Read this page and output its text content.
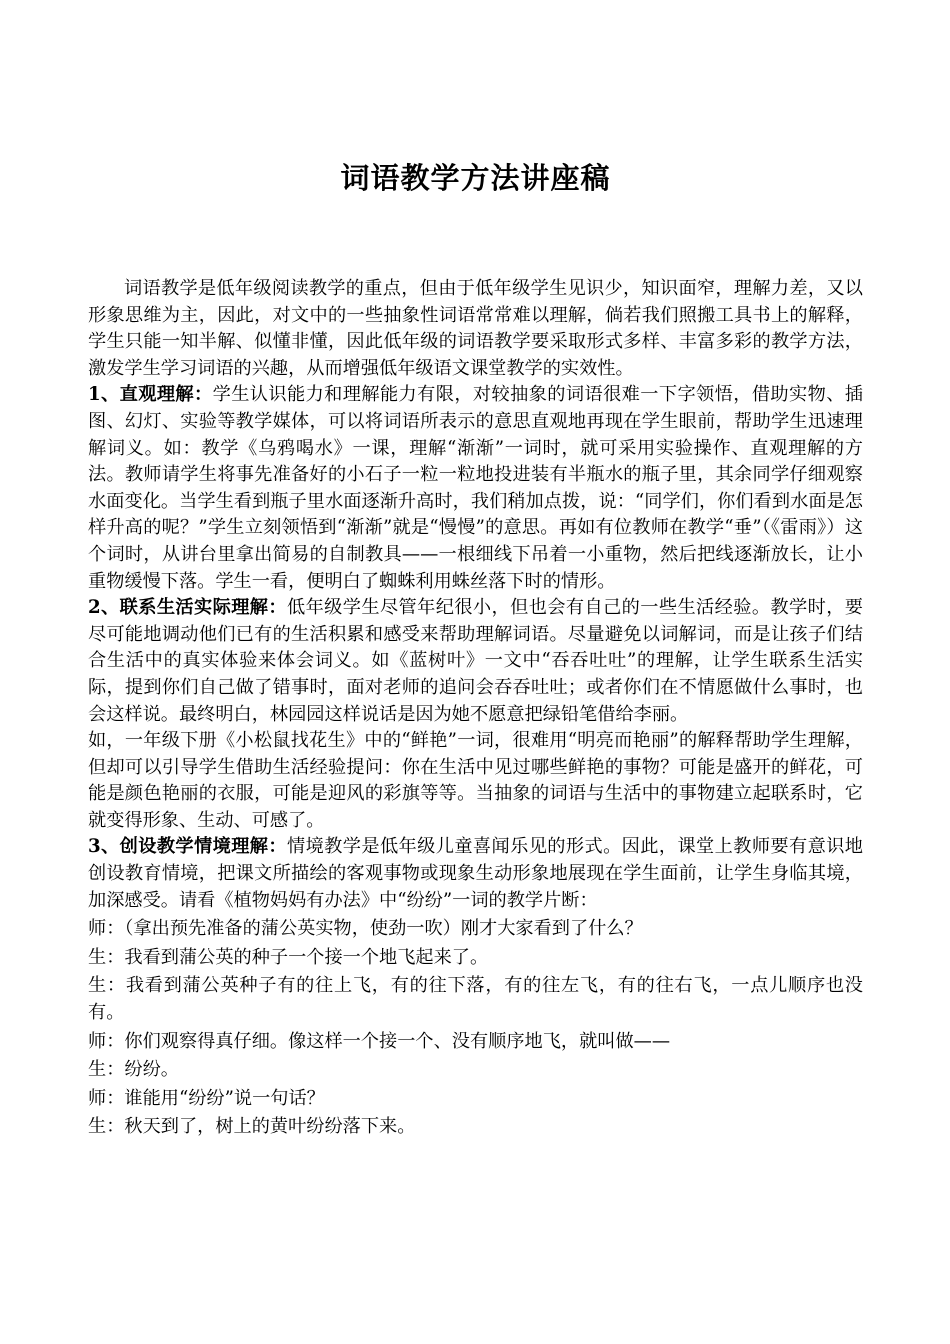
词语教学方法讲座稿

词语教学是低年级阅读教学的重点，但由于低年级学生见识少，知识面窄，理解力差，又以形象思维为主，因此，对文中的一些抽象性词语常常难以理解，倘若我们照搬工具书上的解释，学生只能一知半解、似懂非懂，因此低年级的词语教学要采取形式多样、丰富多彩的教学方法，激发学生学习词语的兴趣，从而增强低年级语文课堂教学的实效性。

1、直观理解：学生认识能力和理解能力有限，对较抽象的词语很难一下字领悟，借助实物、插图、幻灯、实验等教学媒体，可以将词语所表示的意思直观地再现在学生眼前，帮助学生迅速理解词义。如：教学《乌鸦喝水》一课，理解“渐渐”一词时，就可采用实验操作、直观理解的方法。教师请学生将事先准备好的小石子一粒一粒地投进装有半瓶水的瓶子里，其余同学仔细观察水面变化。当学生看到瓶子里水面逐渐升高时，我们稍加点拨，说：“同学们，你们看到水面是怎样升高的呢？”学生立刻领悟到“渐渐”就是“慢慢”的意思。再如有位教师在教学“垂”（《雷雨》）这个词时，从讲台里拿出简易的自制教具——一根细线下吊着一小重物，然后把线逐渐放长，让小重物缓慢下落。学生一看，便明白了蜘蛛利用蛛丝落下时的情形。

2、联系生活实际理解：低年级学生尽管年纪很小，但也会有自己的一些生活经验。教学时，要尽可能地调动他们已有的生活积累和感受来帮助理解词语。尽量避免以词解词，而是让孩子们结合生活中的真实体验来体会词义。如《蓝树叶》一文中“吞吞吐吐”的理解，让学生联系生活实际，提到你们自己做了错事时，面对老师的追问会吞吞吐吐；或者你们在不情愿做什么事时，也会这样说。最终明白，林园园这样说话是因为她不愿意把绿铅笔借给李丽。

如，一年级下册《小松鼠找花生》中的“鲜艳”一词，很难用“明亮而艳丽”的解释帮助学生理解，但却可以引导学生借助生活经验提问：你在生活中见过哪些鲜艳的事物？可能是盛开的鲜花，可能是颜色艳丽的衣服，可能是迎风的彩旗等等。当抽象的词语与生活中的事物建立起联系时，它就变得形象、生动、可感了。

3、创设教学情境理解：情境教学是低年级儿童喜闻乐见的形式。因此，课堂上教师要有意识地创设教育情境，把课文所描绘的客观事物或现象生动形象地展现在学生面前，让学生身临其境，加深感受。请看《植物妈妈有办法》中“纷纷”一词的教学片断：

师：（拿出预先准备的蒲公英实物，使劲一吹）刚才大家看到了什么？

生：我看到蒲公英的种子一个接一个地飞起来了。

生：我看到蒲公英种子有的往上飞，有的往下落，有的往左飞，有的往右飞，一点儿顺序也没有。

师：你们观察得真仔细。像这样一个接一个、没有顺序地飞，就叫做——

生：纷纷。

师：谁能用“纷纷”说一句话？

生：秋天到了，树上的黄叶纷纷落下来。
